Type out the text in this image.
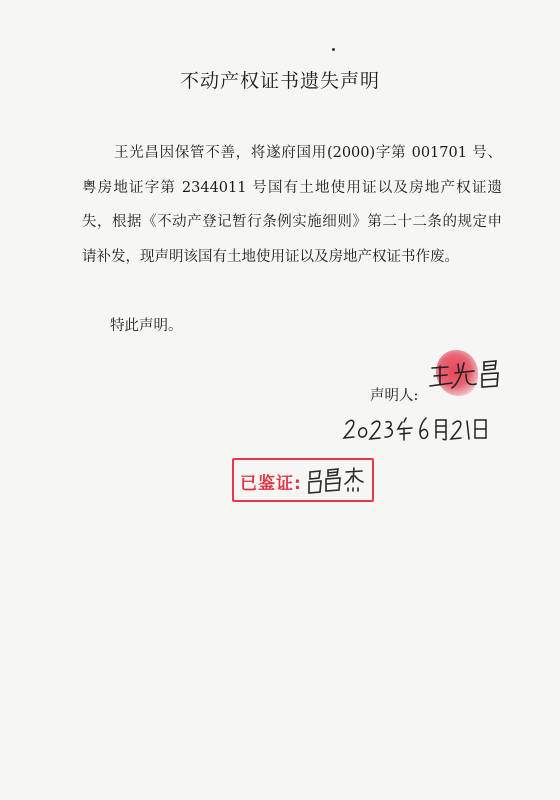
不动产权证书遗失声明

王光昌因保管不善，将遂府国用(2000)字第 001701 号、粤房地证字第 2344011 号国有土地使用证以及房地产权证遗失，根据《不动产登记暂行条例实施细则》第二十二条的规定申请补发，现声明该国有土地使用证以及房地产权证书作废。

特此声明。
声明人:
已鉴证:
